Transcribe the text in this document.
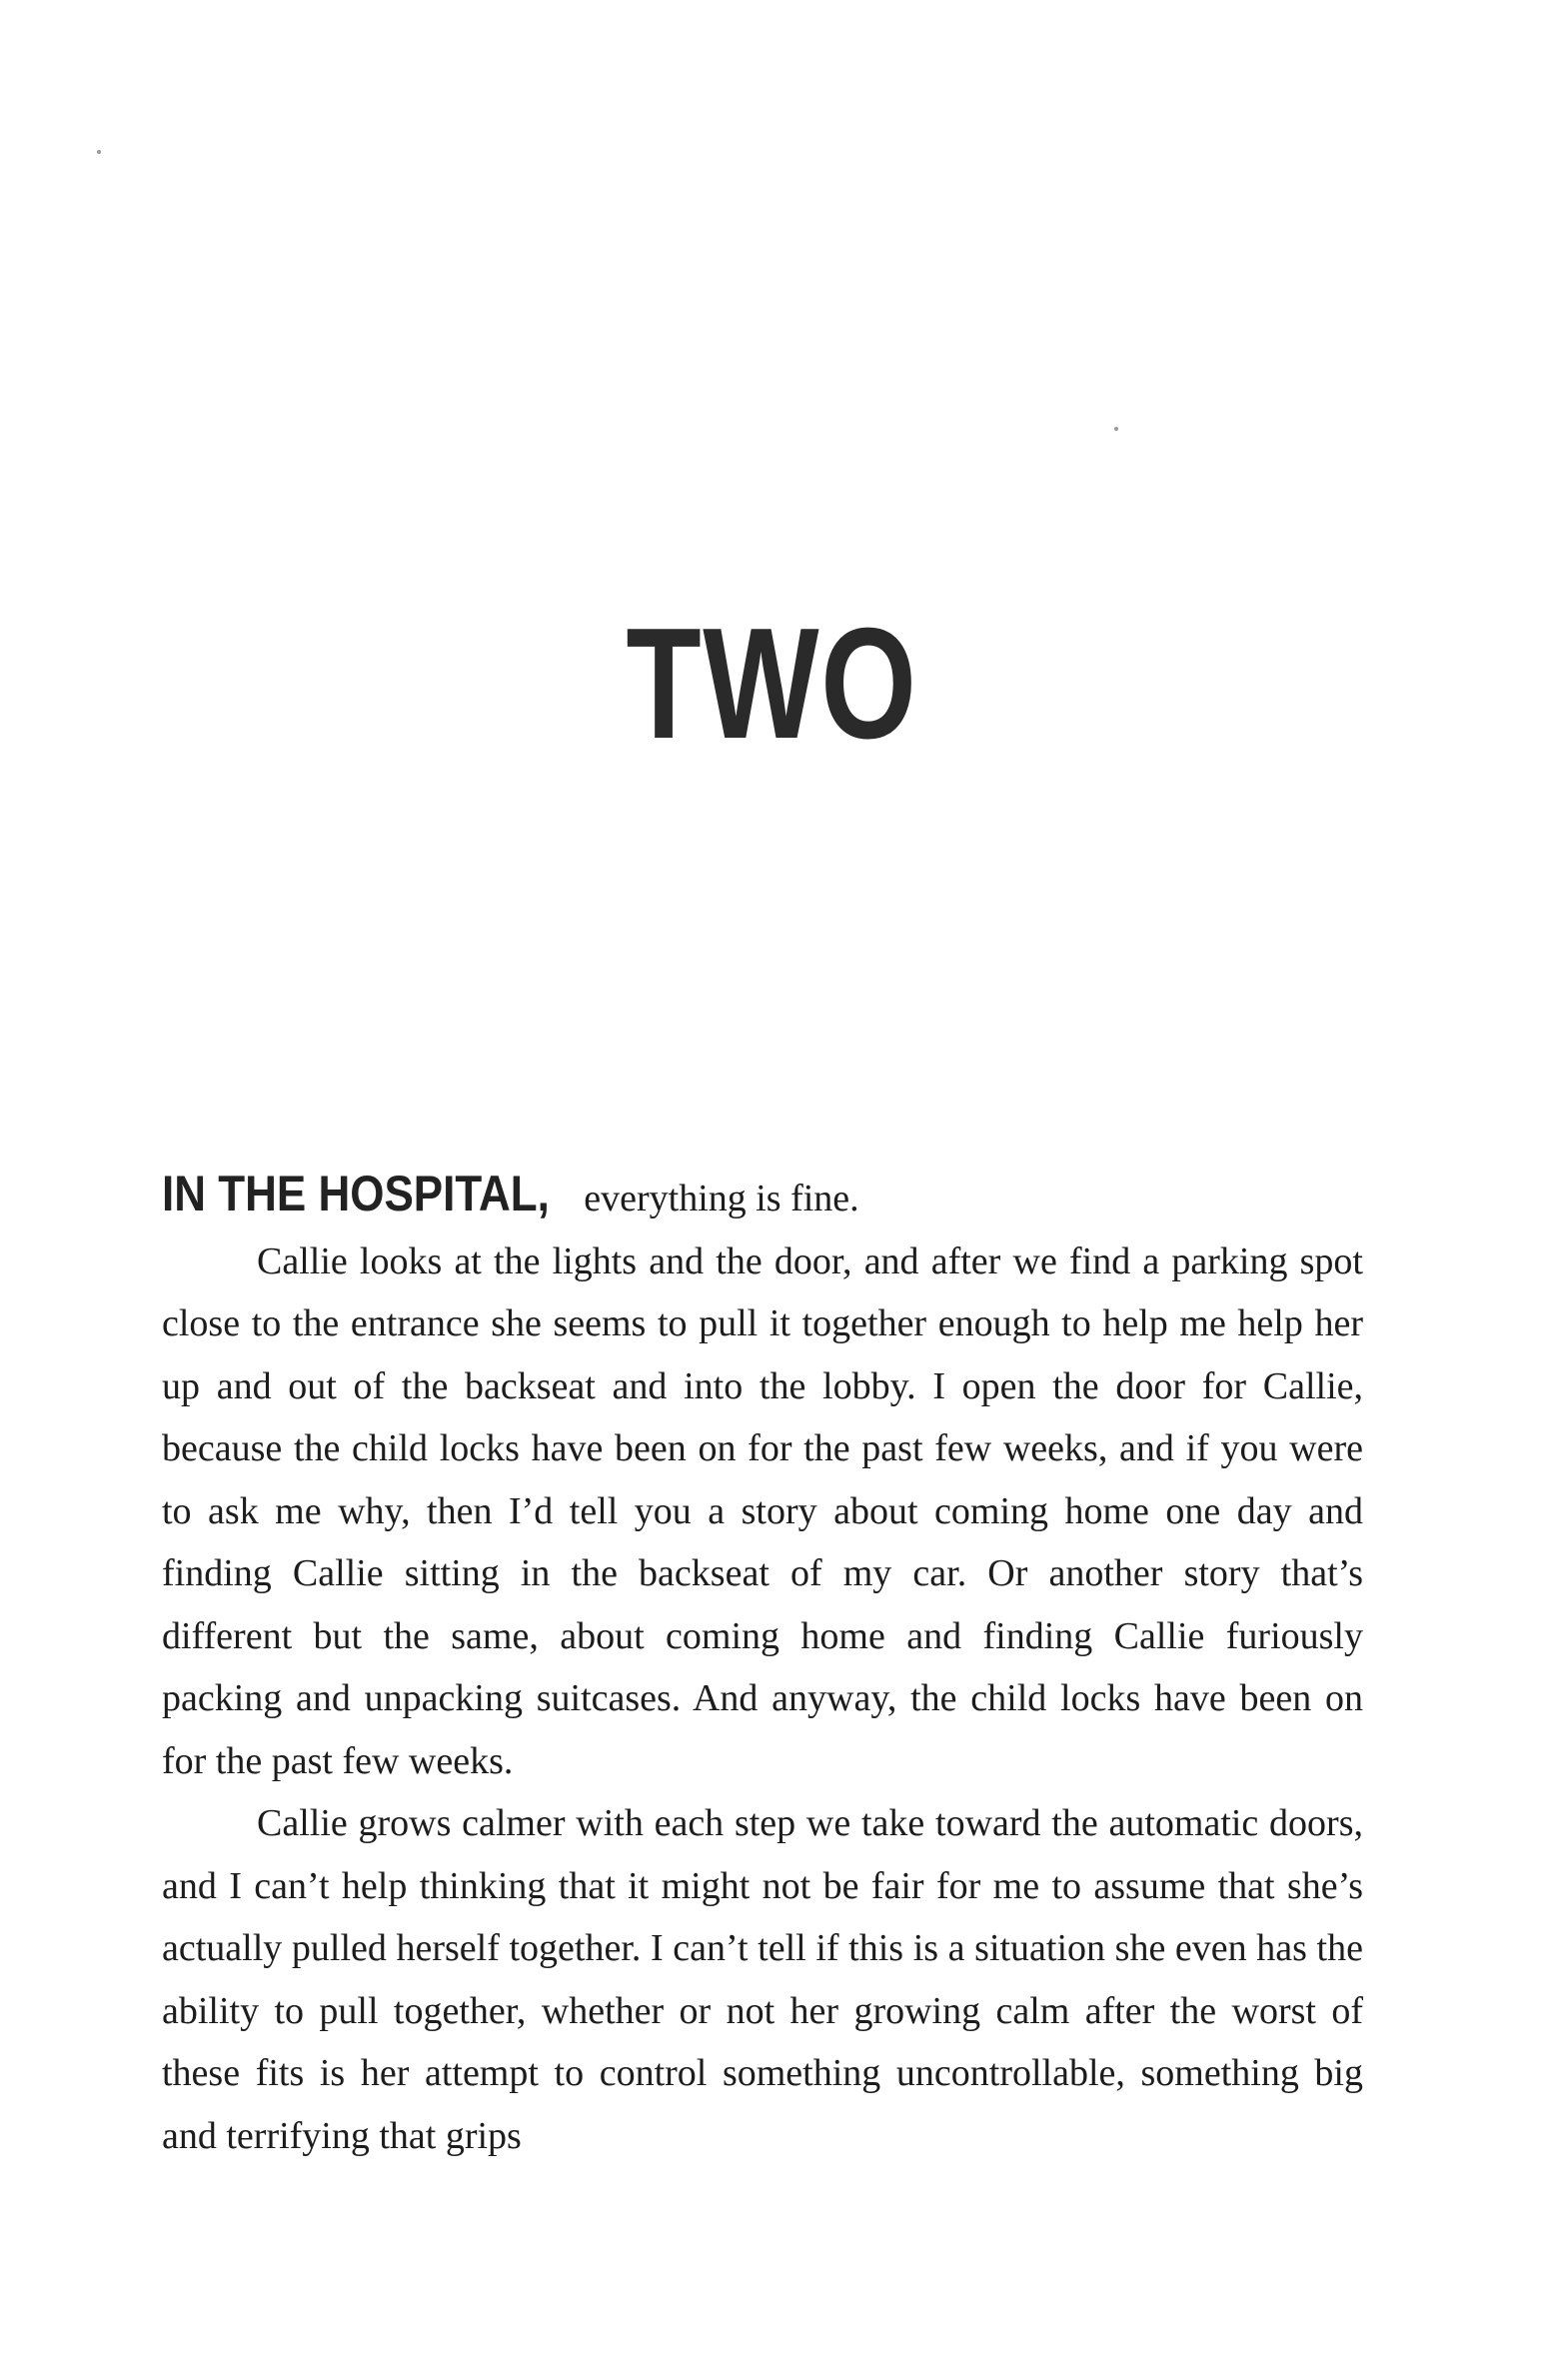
TWO

IN THE HOSPITAL, everything is fine.

Callie looks at the lights and the door, and after we find a parking spot close to the entrance she seems to pull it together enough to help me help her up and out of the backseat and into the lobby. I open the door for Callie, because the child locks have been on for the past few weeks, and if you were to ask me why, then I’d tell you a story about coming home one day and finding Callie sitting in the backseat of my car. Or another story that’s different but the same, about coming home and finding Callie furiously packing and unpacking suitcases. And anyway, the child locks have been on for the past few weeks.

Callie grows calmer with each step we take toward the automatic doors, and I can’t help thinking that it might not be fair for me to assume that she’s actually pulled herself together. I can’t tell if this is a situation she even has the ability to pull together, whether or not her growing calm after the worst of these fits is her attempt to control something uncontrollable, something big and terrifying that grips
